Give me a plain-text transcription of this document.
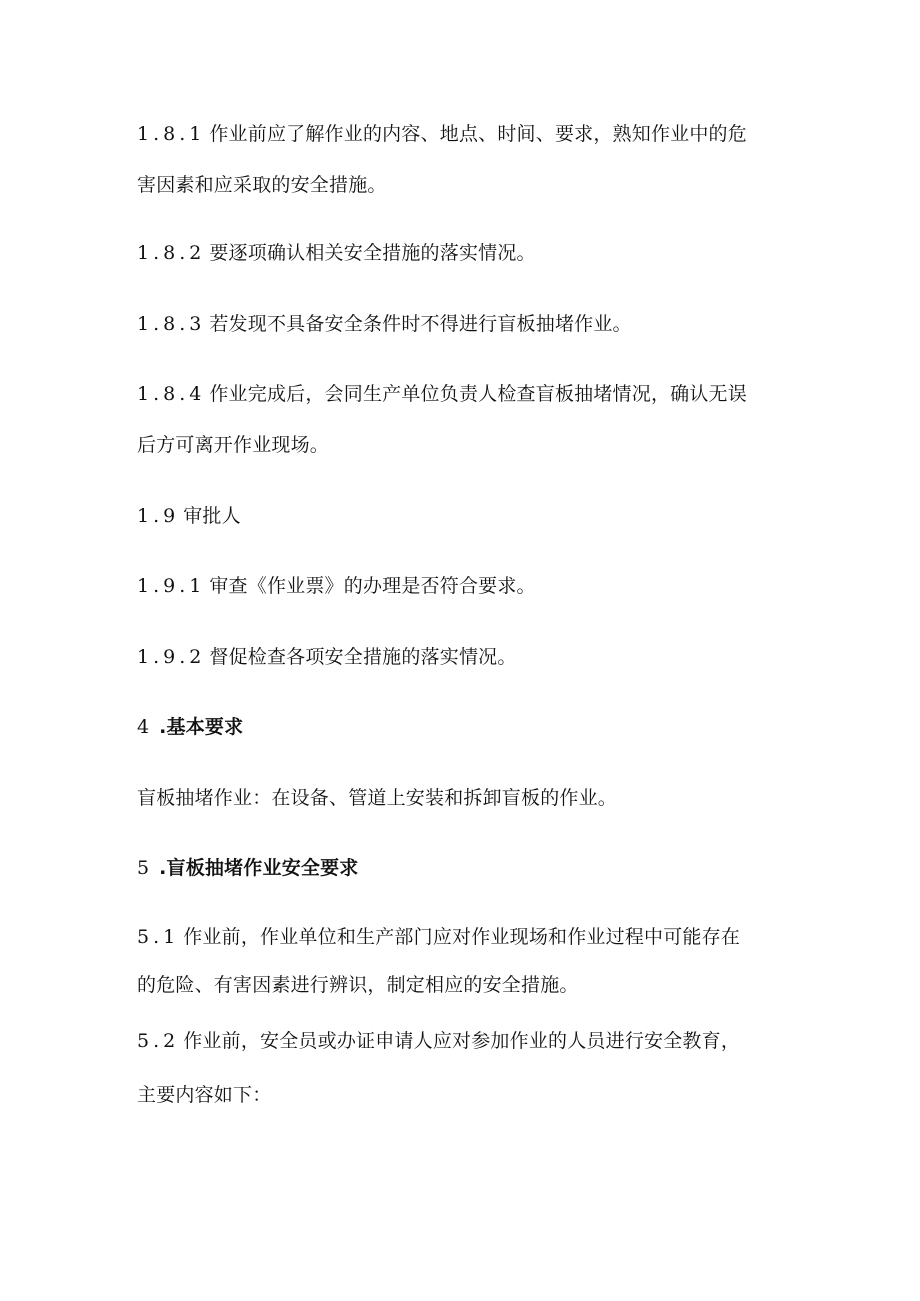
1.8.1 作业前应了解作业的内容、地点、时间、要求，熟知作业中的危
害因素和应采取的安全措施。
1.8.2 要逐项确认相关安全措施的落实情况。
1.8.3 若发现不具备安全条件时不得进行盲板抽堵作业。
1.8.4 作业完成后，会同生产单位负责人检查盲板抽堵情况，确认无误
后方可离开作业现场。
1.9 审批人
1.9.1 审查《作业票》的办理是否符合要求。
1.9.2 督促检查各项安全措施的落实情况。
4.基本要求
盲板抽堵作业：在设备、管道上安装和拆卸盲板的作业。
5.盲板抽堵作业安全要求
5.1 作业前，作业单位和生产部门应对作业现场和作业过程中可能存在
的危险、有害因素进行辨识，制定相应的安全措施。
5.2 作业前，安全员或办证申请人应对参加作业的人员进行安全教育，
主要内容如下：
